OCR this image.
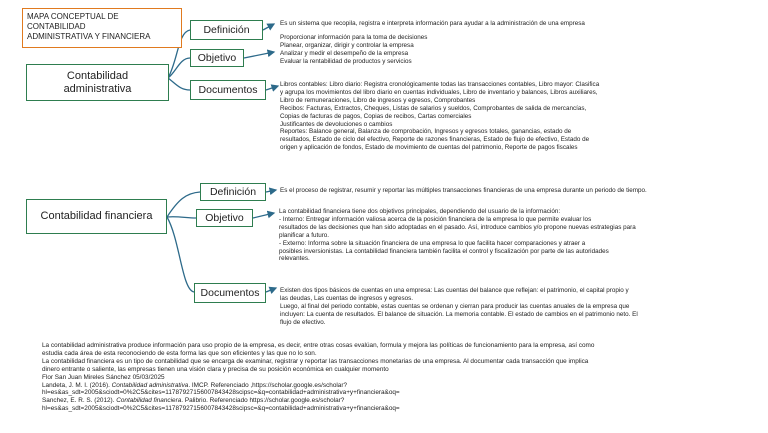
MAPA CONCEPTUAL DE
CONTABILIDAD
ADMINISTRATIVA Y FINANCIERA
Contabilidad
administrativa
Definición
Es un sistema que recopila, registra e interpreta información para ayudar a la administración de una empresa
Objetivo
Proporcionar información para la toma de decisiones
Planear, organizar, dirigir y controlar la empresa
Analizar y medir el desempeño de la empresa
Evaluar la rentabilidad de productos y servicios
Documentos	Libros contables: Libro diario: Registra cronológicamente todas las transacciones contables, Libro mayor: Clasifica
y agrupa los movimientos del libro diario en cuentas individuales, Libro de inventario y balances, Libros auxiliares,
Libro de remuneraciones, Libro de ingresos y egresos, Comprobantes
Recibos: Facturas, Extractos, Cheques, Listas de salarios y sueldos, Comprobantes de salida de mercancías,
Copias de facturas de pagos, Copias de recibos, Cartas comerciales
Justificantes de devoluciones o cambios
Reportes: Balance general, Balanza de comprobación, Ingresos y egresos totales, ganancias, estado de
resultados, Estado de ciclo del efectivo, Reporte de razones financieras, Estado de flujo de efectivo, Estado de
origen y aplicación de fondos, Estado de movimiento de cuentas del patrimonio, Reporte de pagos fiscales
Contabilidad financiera
Definición	Es el proceso de registrar, resumir y reportar las múltiples transacciones financieras de una empresa durante un periodo de tiempo.
Objetivo
La contabilidad financiera tiene dos objetivos principales, dependiendo del usuario de la información:
- Interno: Entregar información valiosa acerca de la posición financiera de la empresa lo que permite evaluar los
resultados de las decisiones que han sido adoptadas en el pasado. Así, introduce cambios y/o propone nuevas estrategias para
planificar a futuro.
- Externo: Informa sobre la situación financiera de una empresa lo que facilita hacer comparaciones y atraer a
posibles inversionistas. La contabilidad financiera también facilita el control y fiscalización por parte de las autoridades
relevantes.
Documentos	Existen dos tipos básicos de cuentas en una empresa: Las cuentas del balance que reflejan: el patrimonio, el capital propio y
las deudas, Las cuentas de ingresos y egresos.
Luego, al final del periodo contable, estas cuentas se ordenan y cierran para producir las cuentas anuales de la empresa que
incluyen: La cuenta de resultados. El balance de situación. La memoria contable. El estado de cambios en el patrimonio neto. El
flujo de efectivo.
La contabilidad administrativa produce información para uso propio de la empresa, es decir, entre otras cosas evalúan, formula y mejora las políticas de funcionamiento para la empresa, así como
estudia cada área de esta reconociendo de esta forma las que son eficientes y las que no lo son.
La contabilidad financiera es un tipo de contabilidad que se encarga de examinar, registrar y reportar las transacciones monetarias de una empresa. Al documentar cada transacción que implica
dinero entrante o saliente, las empresas tienen una visión clara y precisa de su posición económica en cualquier momento
Flor San Juan Mireles Sánchez 05/03/2025
Landeta, J. M. I. (2016). Contabilidad administrativa. IMCP. Referenciado ,https://scholar.google.es/scholar?
hl=es&as_sdt=2005&sciodt=0%2C5&cites=11787927156007843428scipsc=&q=contabilidad+administrativa+y+financiera&oq=
Sanchez, E. R. S. (2012). Contabilidad financiera. Palibrio. Referenciado https://scholar.google.es/scholar?
hl=es&as_sdt=2005&sciodt=0%2C5&cites=11787927156007843428scipsc=&q=contabilidad+administrativa+y+financiera&oq=
